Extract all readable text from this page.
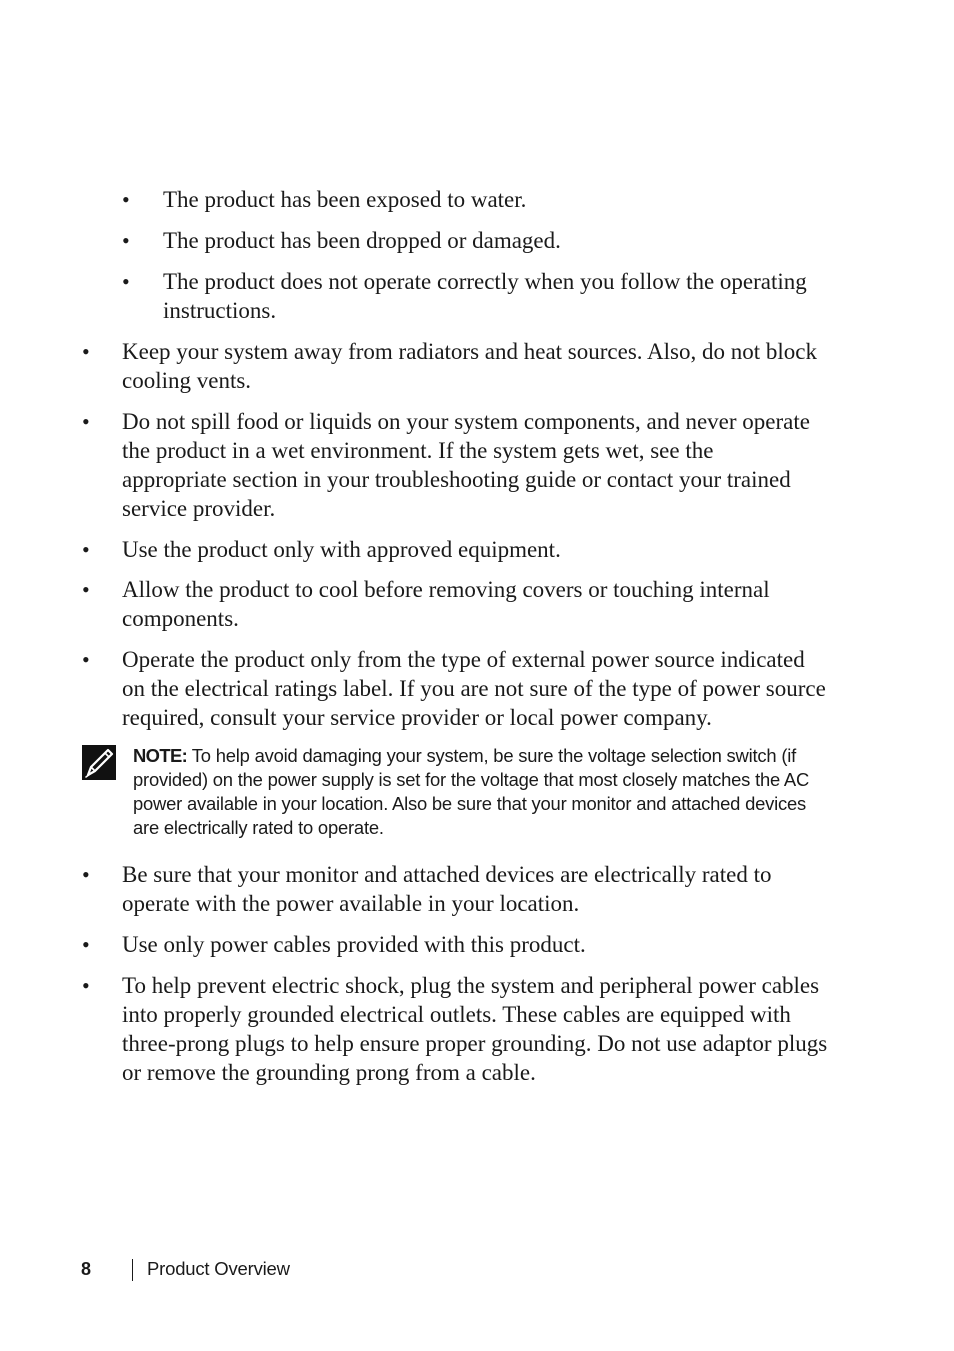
• The product has been exposed to water.
• The product has been dropped or damaged.
• The product does not operate correctly when you follow the operating
instructions.
• Keep your system away from radiators and heat sources. Also, do not block
cooling vents.
• Do not spill food or liquids on your system components, and never operate
the product in a wet environment. If the system gets wet, see the
appropriate section in your troubleshooting guide or contact your trained
service provider.
• Use the product only with approved equipment.
• Allow the product to cool before removing covers or touching internal
components.
• Operate the product only from the type of external power source indicated
on the electrical ratings label. If you are not sure of the type of power source
required, consult your service provider or local power company.
NOTE: To help avoid damaging your system, be sure the voltage selection switch (if
provided) on the power supply is set for the voltage that most closely matches the AC
power available in your location. Also be sure that your monitor and attached devices
are electrically rated to operate.
• Be sure that your monitor and attached devices are electrically rated to
operate with the power available in your location.
• Use only power cables provided with this product.
• To help prevent electric shock, plug the system and peripheral power cables
into properly grounded electrical outlets. These cables are equipped with
three-prong plugs to help ensure proper grounding. Do not use adaptor plugs
or remove the grounding prong from a cable.
8	Product Overview
